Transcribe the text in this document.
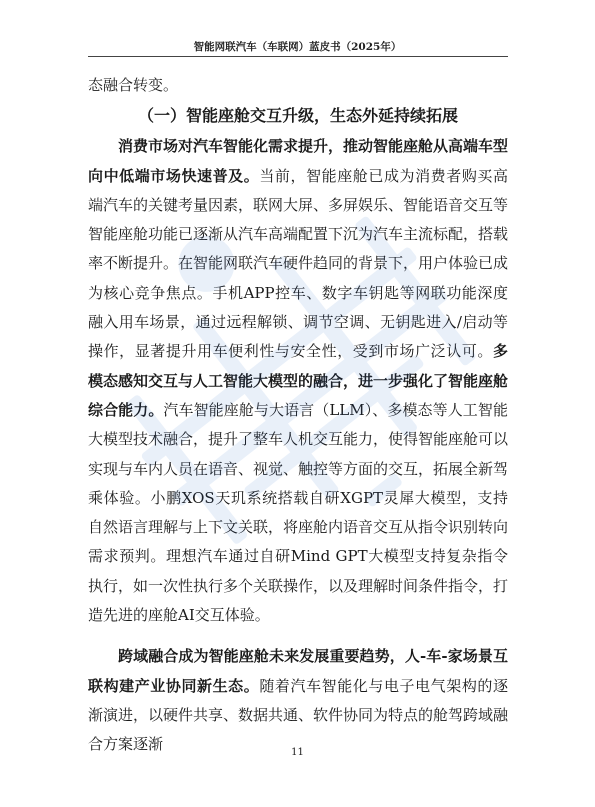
智能网联汽车（车联网）蓝皮书（2025年）

态融合转变。

（一）智能座舱交互升级，生态外延持续拓展

消费市场对汽车智能化需求提升，推动智能座舱从高端车型向中低端市场快速普及。当前，智能座舱已成为消费者购买高端汽车的关键考量因素，联网大屏、多屏娱乐、智能语音交互等智能座舱功能已逐渐从汽车高端配置下沉为汽车主流标配，搭载率不断提升。在智能网联汽车硬件趋同的背景下，用户体验已成为核心竞争焦点。手机APP控车、数字车钥匙等网联功能深度融入用车场景，通过远程解锁、调节空调、无钥匙进入/启动等操作，显著提升用车便利性与安全性，受到市场广泛认可。多模态感知交互与人工智能大模型的融合，进一步强化了智能座舱综合能力。汽车智能座舱与大语言（LLM）、多模态等人工智能大模型技术融合，提升了整车人机交互能力，使得智能座舱可以实现与车内人员在语音、视觉、触控等方面的交互，拓展全新驾乘体验。小鹏XOS天玑系统搭载自研XGPT灵犀大模型，支持自然语言理解与上下文关联，将座舱内语音交互从指令识别转向需求预判。理想汽车通过自研Mind GPT大模型支持复杂指令执行，如一次性执行多个关联操作，以及理解时间条件指令，打造先进的座舱AI交互体验。

跨域融合成为智能座舱未来发展重要趋势，人-车-家场景互联构建产业协同新生态。随着汽车智能化与电子电气架构的逐渐演进，以硬件共享、数据共通、软件协同为特点的舱驾跨域融合方案逐渐	11
